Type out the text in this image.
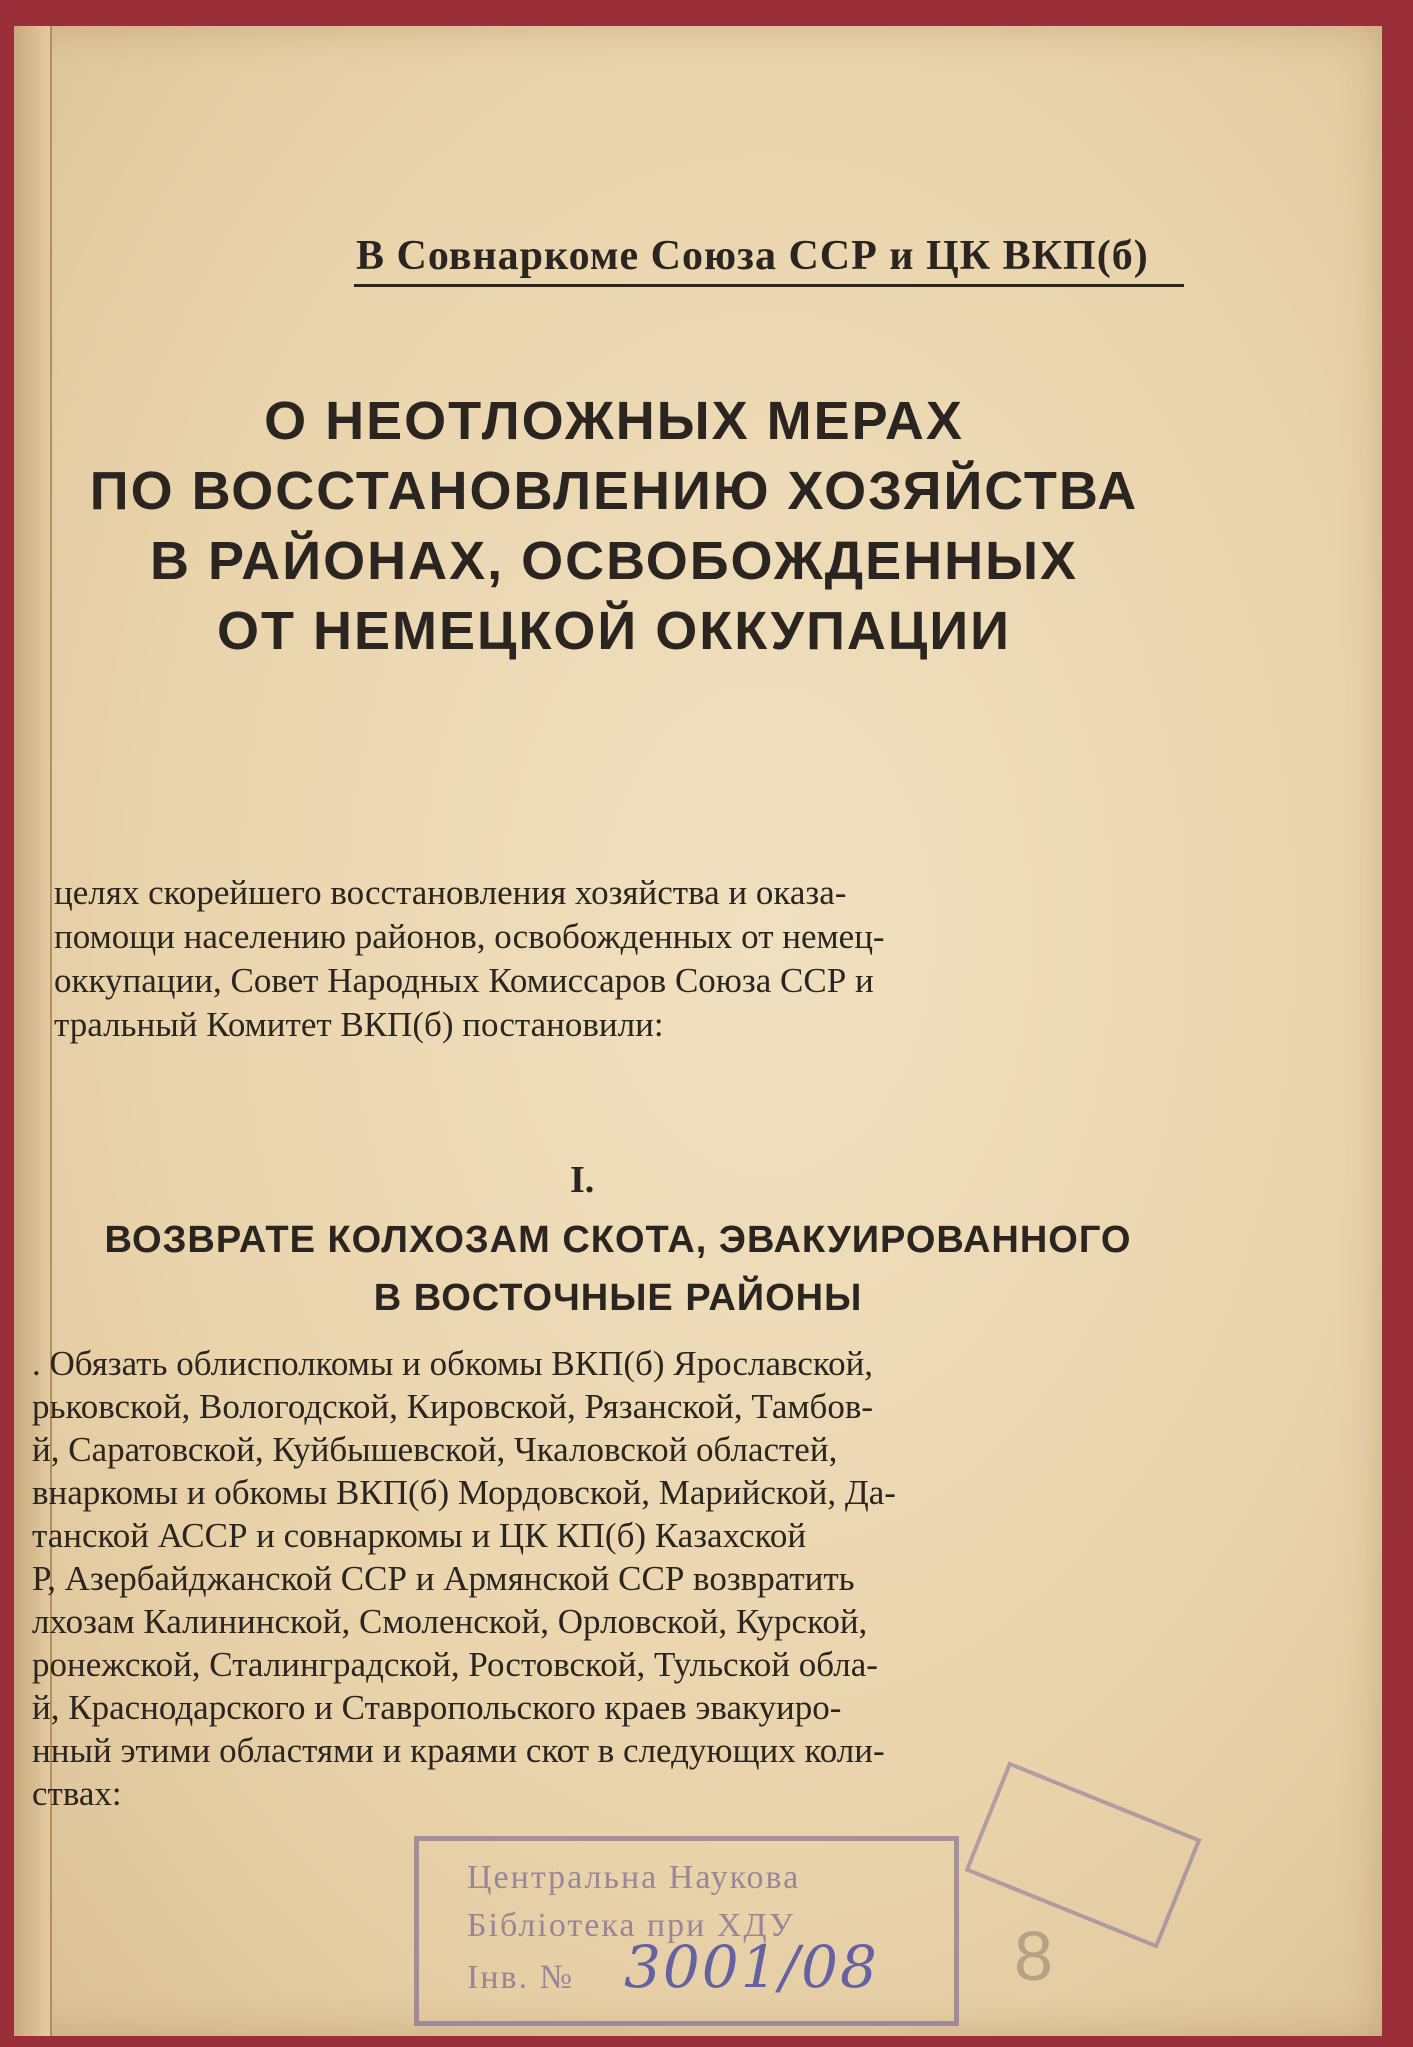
В Совнаркоме Союза ССР и ЦК ВКП(б)
О НЕОТЛОЖНЫХ МЕРАХ
ПО ВОССТАНОВЛЕНИЮ ХОЗЯЙСТВА
В РАЙОНАХ, ОСВОБОЖДЕННЫХ
ОТ НЕМЕЦКОЙ ОККУПАЦИИ
целях скорейшего восстановления хозяйства и оказа-
помощи населению районов, освобожденных от немец-
оккупации, Совет Народных Комиссаров Союза ССР и
тральный Комитет ВКП(б) постановили:
I.
ВОЗВРАТЕ КОЛХОЗАМ СКОТА, ЭВАКУИРОВАННОГО
В ВОСТОЧНЫЕ РАЙОНЫ
. Обязать облисполкомы и обкомы ВКП(б) Ярославской,
рьковской, Вологодской, Кировской, Рязанской, Тамбов-
й, Саратовской, Куйбышевской, Чкаловской областей,
внаркомы и обкомы ВКП(б) Мордовской, Марийской, Да-
танской АССР и совнаркомы и ЦК КП(б) Казахской
Р, Азербайджанской ССР и Армянской ССР возвратить
лхозам Калининской, Смоленской, Орловской, Курской,
ронежской, Сталинградской, Ростовской, Тульской обла-
й, Краснодарского и Ставропольского краев эвакуиро-
нный этими областями и краями скот в следующих коли-
ствах:
Центральна Наукова
Бібліотека при ХДУ
Інв. № 3001/08 8
